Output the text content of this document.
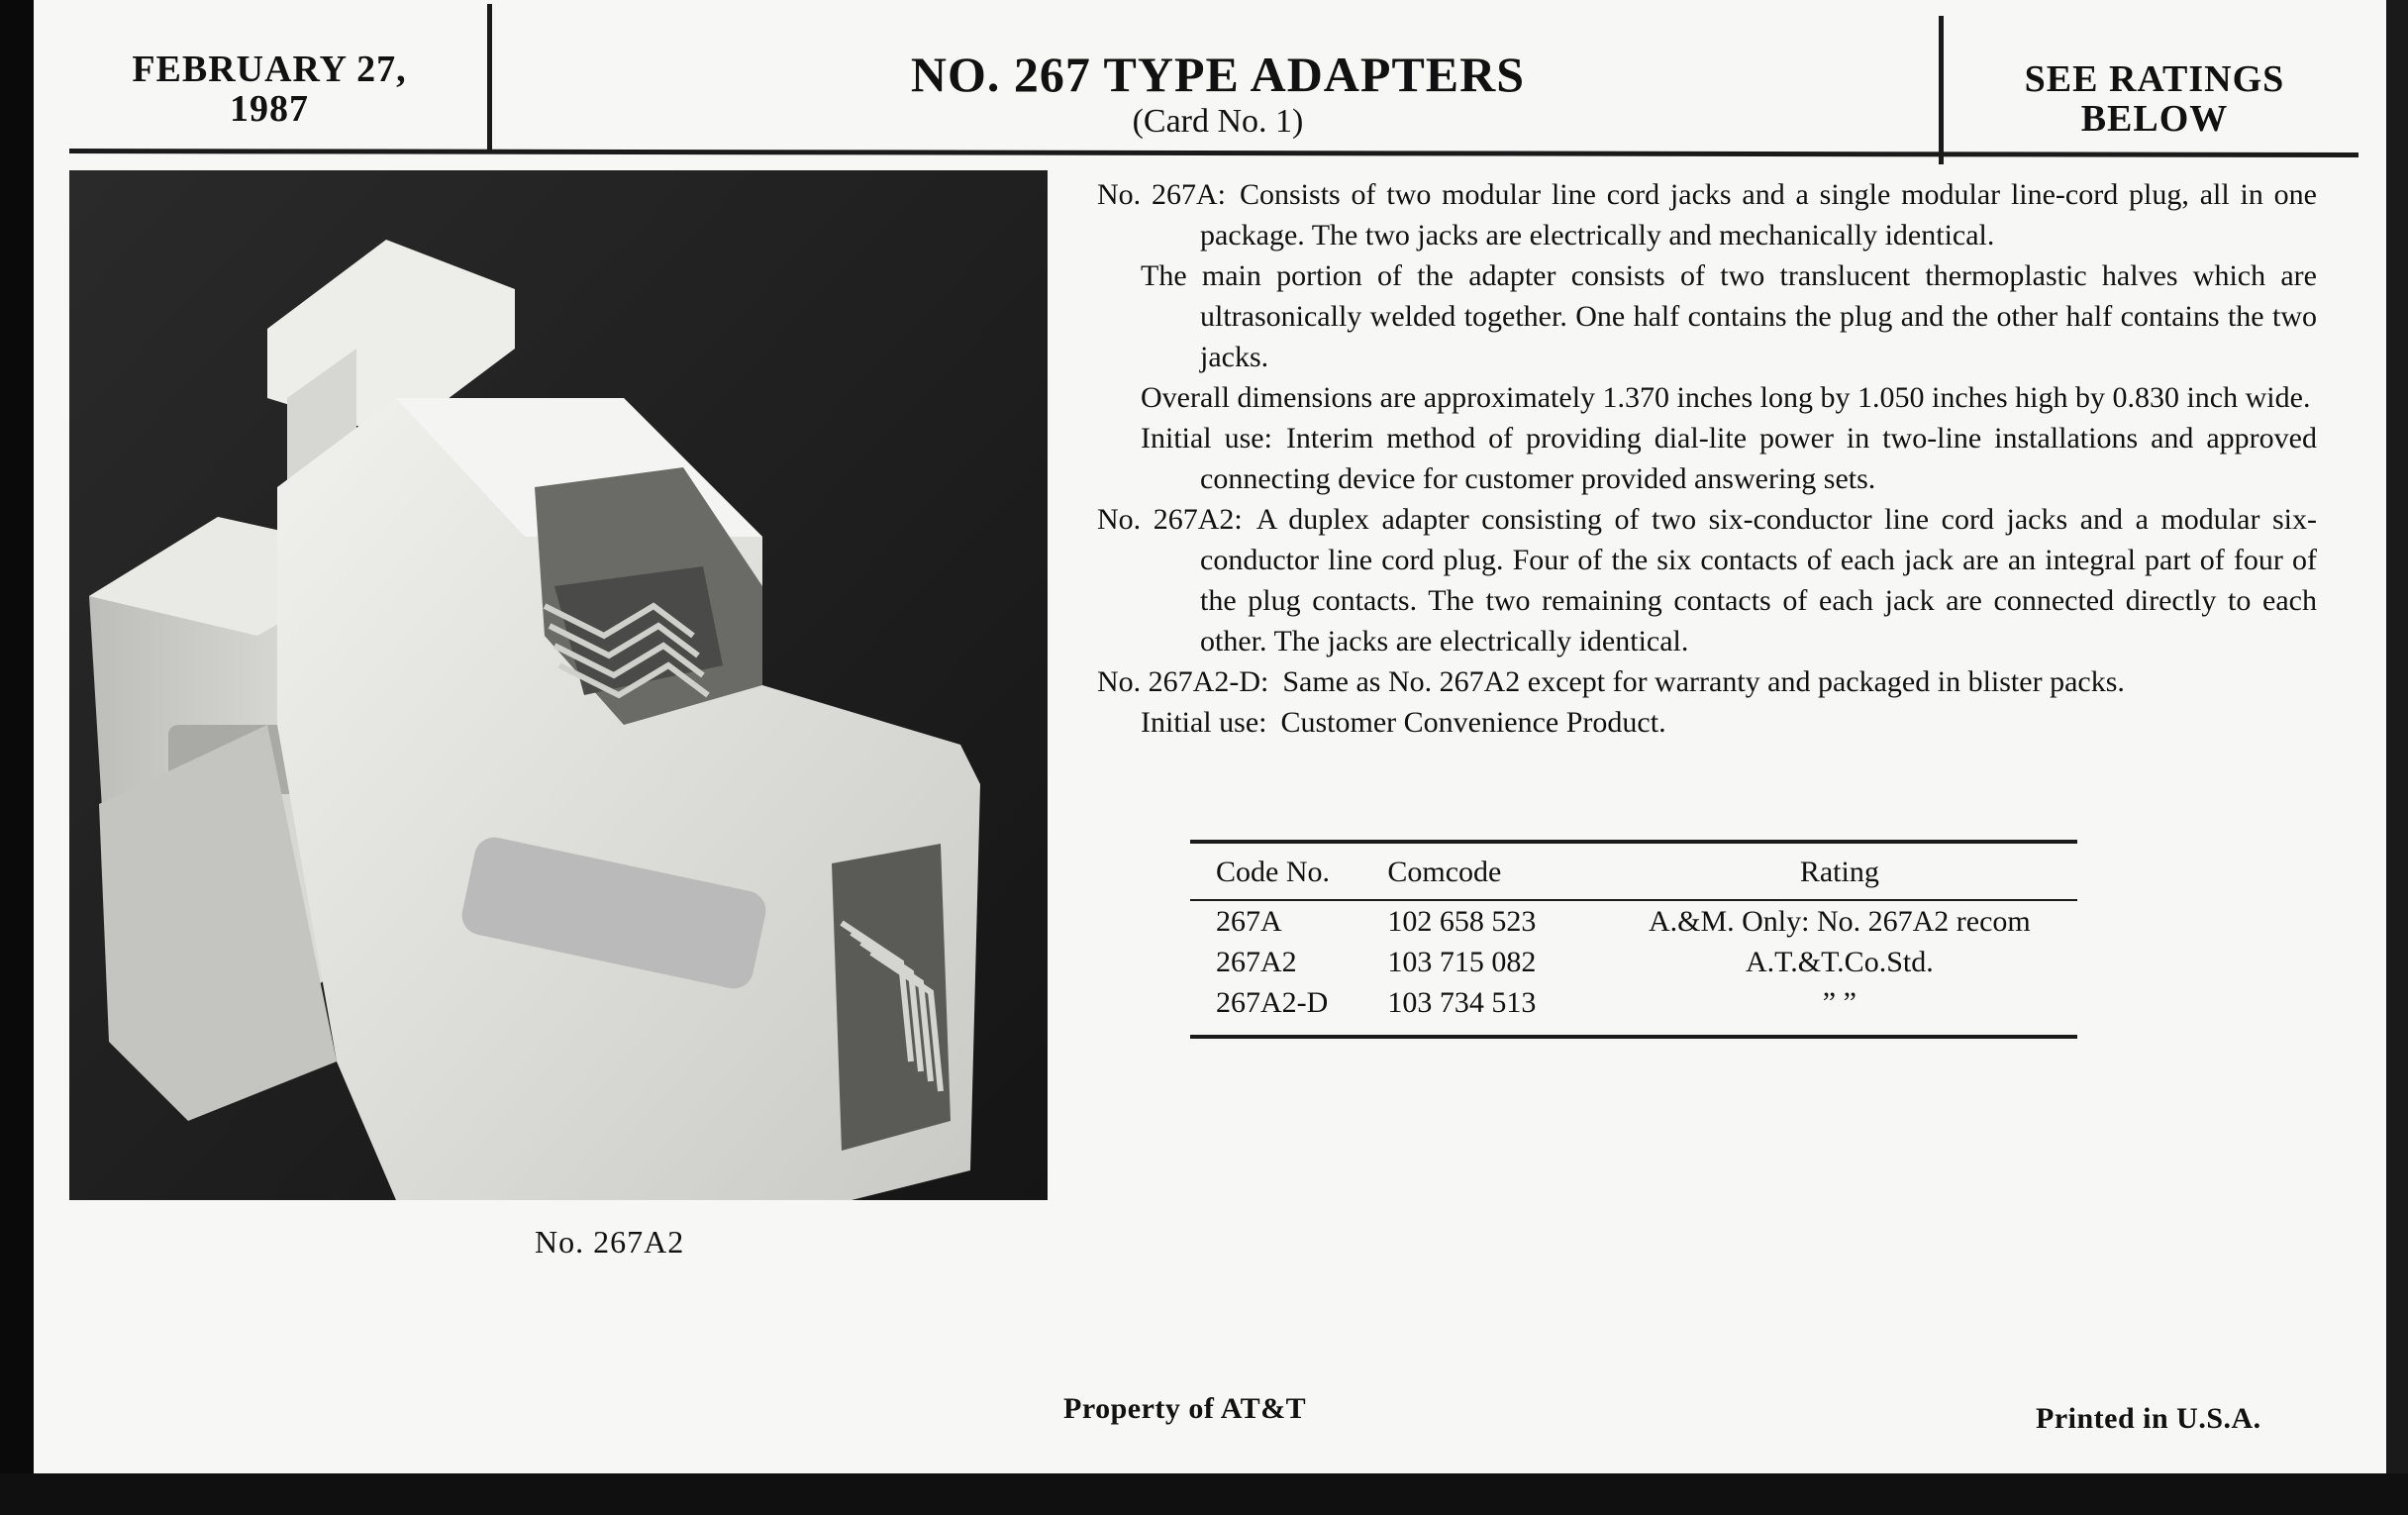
FEBRUARY 27,
1987
NO. 267 TYPE ADAPTERS
(Card No. 1)
SEE RATINGS
BELOW
No. 267A2

No. 267A: Consists of two modular line cord jacks and a single modular line-cord plug, all in one package. The two jacks are electrically and mechanically identical.

The main portion of the adapter consists of two translucent thermoplastic halves which are ultrasonically welded together. One half contains the plug and the other half contains the two jacks.

Overall dimensions are approximately 1.370 inches long by 1.050 inches high by 0.830 inch wide.

Initial use: Interim method of providing dial-lite power in two-line installations and approved connecting device for customer provided answering sets.

No. 267A2: A duplex adapter consisting of two six-conductor line cord jacks and a modular six-conductor line cord plug. Four of the six contacts of each jack are an integral part of four of the plug contacts. The two remaining contacts of each jack are connected directly to each other. The jacks are electrically identical.

No. 267A2-D: Same as No. 267A2 except for warranty and packaged in blister packs.

Initial use: Customer Convenience Product.

Code No.	Comcode	Rating

267A	102 658 523	A.&M. Only: No. 267A2 recom
267A2	103 715 082	A.T.&T.Co.Std.
267A2-D	103 734 513	” ”
Property of AT&T	Printed in U.S.A.
